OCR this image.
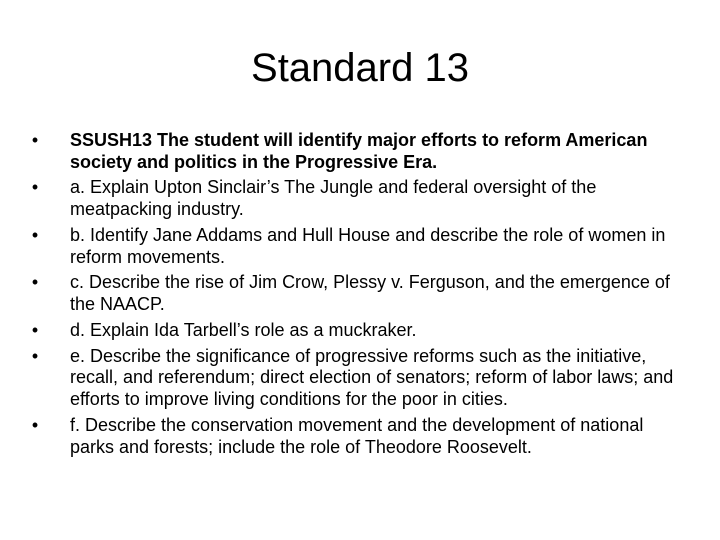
Standard 13
• SSUSH13 The student will identify major efforts to reform American society and politics in the Progressive Era.
• a. Explain Upton Sinclair’s The Jungle and federal oversight of the meatpacking industry.
• b. Identify Jane Addams and Hull House and describe the role of women in reform movements.
• c. Describe the rise of Jim Crow, Plessy v. Ferguson, and the emergence of the NAACP.
• d. Explain Ida Tarbell’s role as a muckraker.
• e. Describe the significance of progressive reforms such as the initiative, recall, and referendum; direct election of senators; reform of labor laws; and efforts to improve living conditions for the poor in cities.
• f. Describe the conservation movement and the development of national parks and forests; include the role of Theodore Roosevelt.
